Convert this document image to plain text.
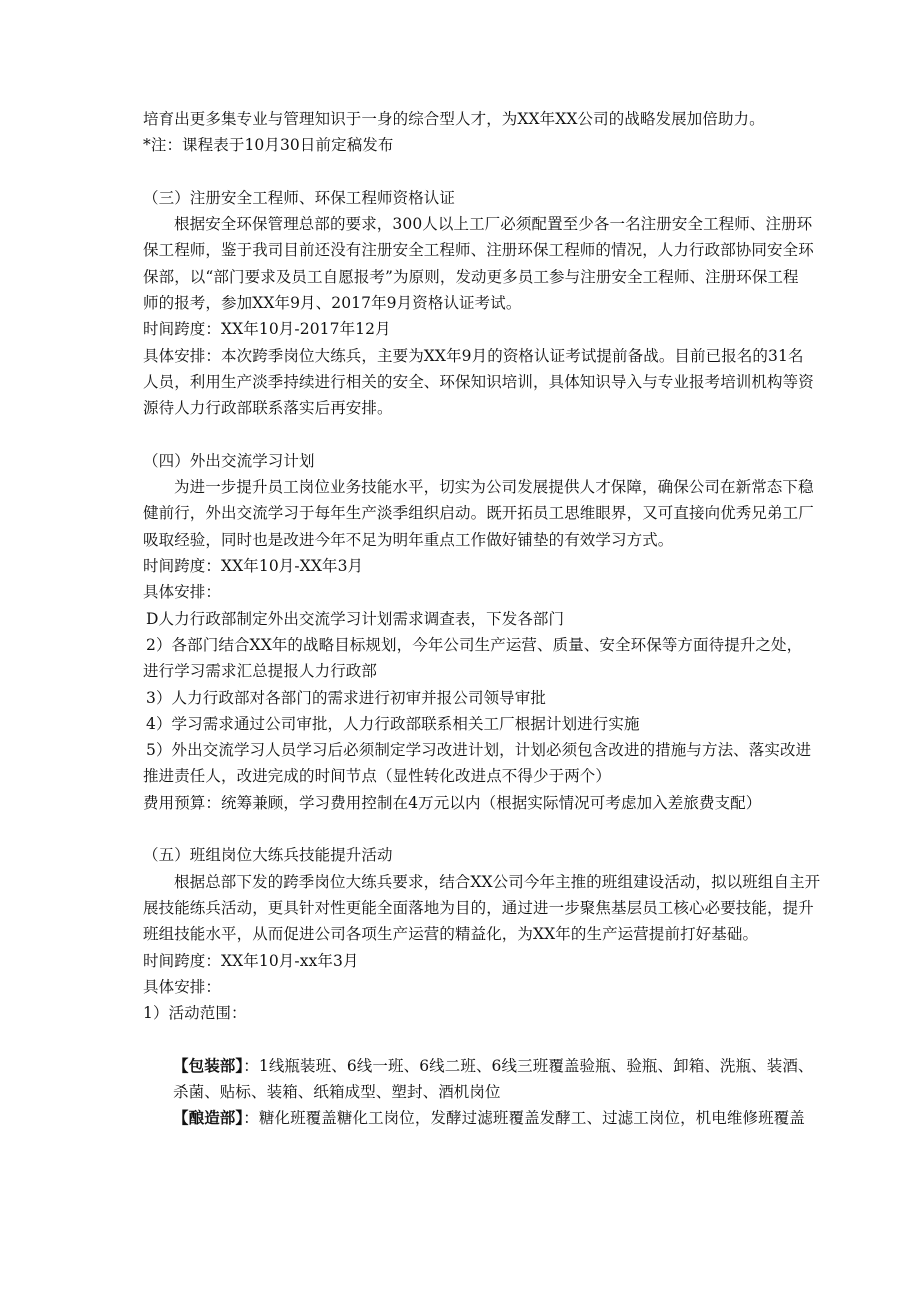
培育出更多集专业与管理知识于一身的综合型人才，为XX年XX公司的战略发展加倍助力。
*注：课程表于10月30日前定稿发布
（三）注册安全工程师、环保工程师资格认证
根据安全环保管理总部的要求，300人以上工厂必须配置至少各一名注册安全工程师、注册环
保工程师，鉴于我司目前还没有注册安全工程师、注册环保工程师的情况，人力行政部协同安全环
保部，以“部门要求及员工自愿报考”为原则，发动更多员工参与注册安全工程师、注册环保工程
师的报考，参加XX年9月、2017年9月资格认证考试。
时间跨度：XX年10月-2017年12月
具体安排：本次跨季岗位大练兵，主要为XX年9月的资格认证考试提前备战。目前已报名的31名
人员，利用生产淡季持续进行相关的安全、环保知识培训，具体知识导入与专业报考培训机构等资
源待人力行政部联系落实后再安排。
（四）外出交流学习计划
为进一步提升员工岗位业务技能水平，切实为公司发展提供人才保障，确保公司在新常态下稳
健前行，外出交流学习于每年生产淡季组织启动。既开拓员工思维眼界，又可直接向优秀兄弟工厂
吸取经验，同时也是改进今年不足为明年重点工作做好铺垫的有效学习方式。
时间跨度：XX年10月-XX年3月
具体安排：
D人力行政部制定外出交流学习计划需求调查表，下发各部门
2）各部门结合XX年的战略目标规划，今年公司生产运营、质量、安全环保等方面待提升之处，
进行学习需求汇总提报人力行政部
3）人力行政部对各部门的需求进行初审并报公司领导审批
4）学习需求通过公司审批，人力行政部联系相关工厂根据计划进行实施
5）外出交流学习人员学习后必须制定学习改进计划，计划必须包含改进的措施与方法、落实改进
推进责任人，改进完成的时间节点（显性转化改进点不得少于两个）
费用预算：统筹兼顾，学习费用控制在4万元以内（根据实际情况可考虑加入差旅费支配）
（五）班组岗位大练兵技能提升活动
根据总部下发的跨季岗位大练兵要求，结合XX公司今年主推的班组建设活动，拟以班组自主开
展技能练兵活动，更具针对性更能全面落地为目的，通过进一步聚焦基层员工核心必要技能，提升
班组技能水平，从而促进公司各项生产运营的精益化，为XX年的生产运营提前打好基础。
时间跨度：XX年10月-xx年3月
具体安排：
1）活动范围：
【包装部】：1线瓶装班、6线一班、6线二班、6线三班覆盖验瓶、验瓶、卸箱、洗瓶、装酒、
杀菌、贴标、装箱、纸箱成型、塑封、酒机岗位
【酿造部】：糖化班覆盖糖化工岗位，发酵过滤班覆盖发酵工、过滤工岗位，机电维修班覆盖
